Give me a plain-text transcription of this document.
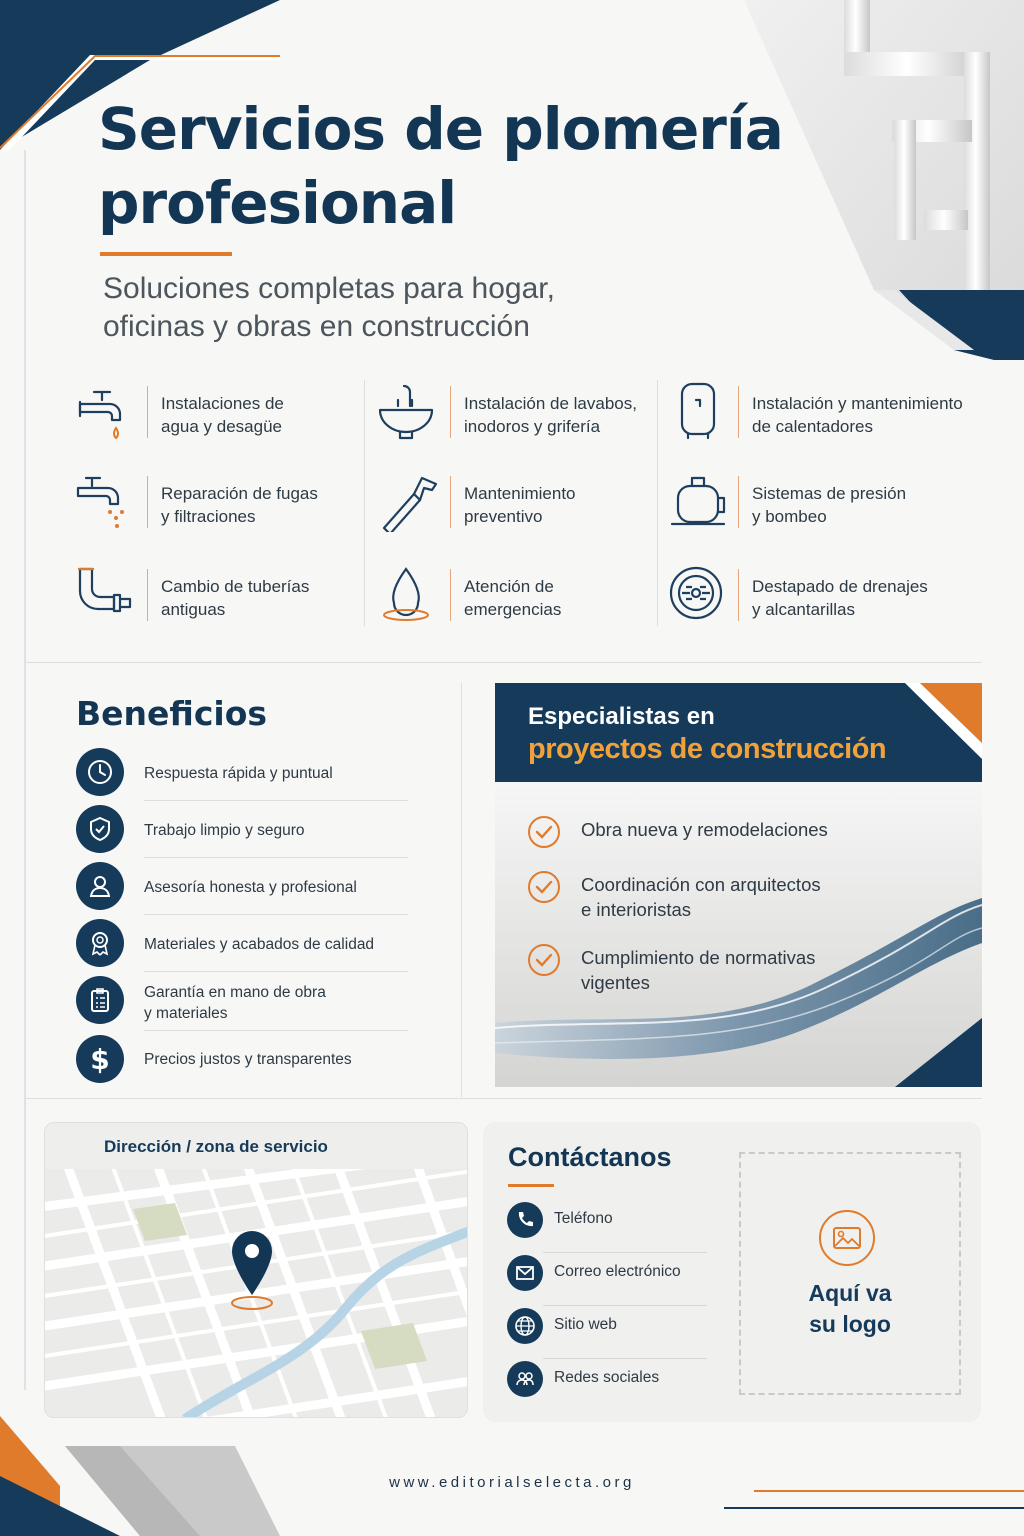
Servicios de plomería profesional

Soluciones completas para hogar, oficinas y obras en construcción

Instalaciones de
agua y desagüe
Reparación de fugas
y filtraciones
Cambio de tuberías
antiguas
Instalación de lavabos,
inodoros y grifería
Mantenimiento
preventivo
Atención de
emergencias
Instalación y mantenimiento
de calentadores
Sistemas de presión
y bombeo
Destapado de drenajes
y alcantarillas
Beneficios
Respuesta rápida y puntual
Trabajo limpio y seguro
Asesoría honesta y profesional
Materiales y acabados de calidad
Garantía en mano de obra
y materiales
$ Precios justos y transparentes
Especialistas en
proyectos de construcción
Obra nueva y remodelaciones
Coordinación con arquitectos
e interioristas
Cumplimiento de normativas
vigentes
Dirección / zona de servicio	Contáctanos
Teléfono
Correo electrónico
Sitio web
Redes sociales
Aquí va
su logo
www.editorialselecta.org
